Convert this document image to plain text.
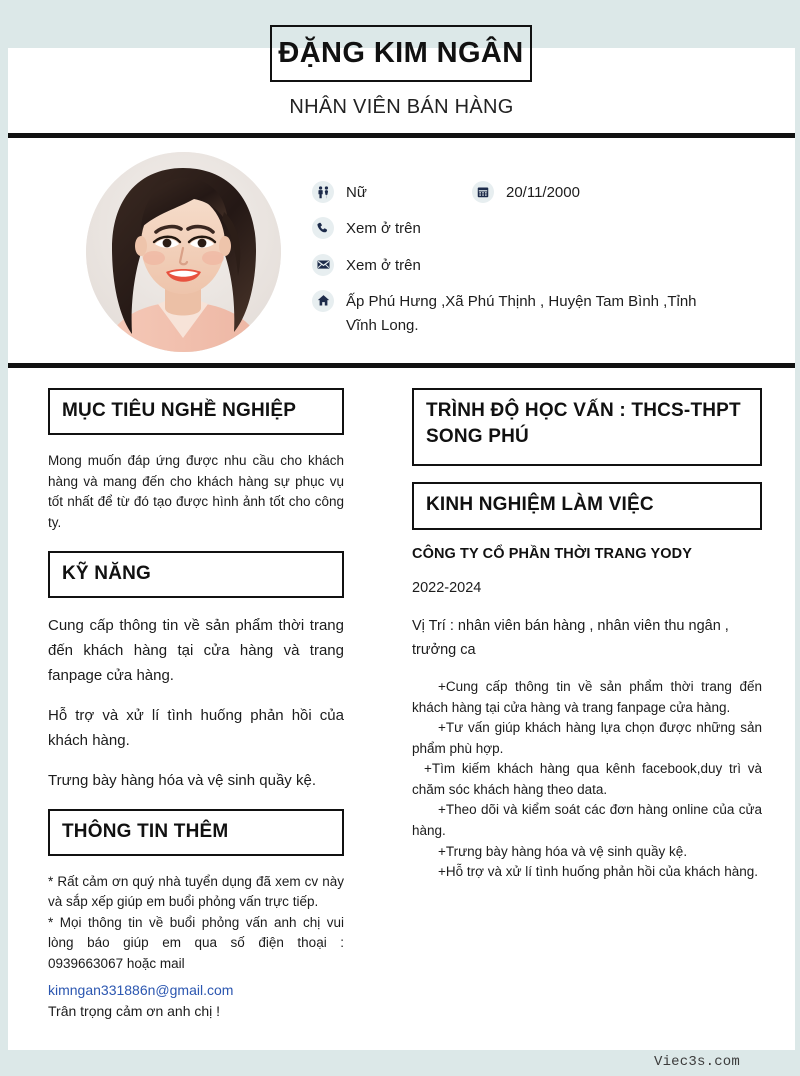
ĐẶNG KIM NGÂN
NHÂN VIÊN BÁN HÀNG
Nữ	20/11/2000
Xem ở trên
Xem ở trên
Ấp Phú Hưng ,Xã Phú Thịnh , Huyện Tam Bình ,Tỉnh Vĩnh Long.
MỤC TIÊU NGHỀ NGHIỆP
Mong muốn đáp ứng được nhu cầu cho khách hàng và mang đến cho khách hàng sự phục vụ tốt nhất để từ đó tạo được hình ảnh tốt cho công ty.
KỸ NĂNG
Cung cấp thông tin về sản phẩm thời trang đến khách hàng tại cửa hàng và trang fanpage cửa hàng.
Hỗ trợ và xử lí tình huống phản hồi của khách hàng.
Trưng bày hàng hóa và vệ sinh quầy kệ.
THÔNG TIN THÊM
* Rất cảm ơn quý nhà tuyển dụng đã xem cv này và sắp xếp giúp em buổi phỏng vấn trực tiếp.
* Mọi thông tin về buổi phỏng vấn anh chị vui lòng báo giúp em qua số điện thoại : 0939663067 hoặc mail
kimngan331886n@gmail.com
Trân trọng cảm ơn anh chị !
TRÌNH ĐỘ HỌC VẤN : THCS-THPT SONG PHÚ
KINH NGHIỆM LÀM VIỆC
CÔNG TY CỔ PHẦN THỜI TRANG YODY
2022-2024
Vị Trí : nhân viên bán hàng , nhân viên thu ngân , trưởng ca
+Cung cấp thông tin về sản phẩm thời trang đến khách hàng tại cửa hàng và trang fanpage cửa hàng.
+Tư vấn giúp khách hàng lựa chọn được những sản phẩm phù hợp.
+Tìm kiếm khách hàng qua kênh facebook,duy trì và chăm sóc khách hàng theo data.
+Theo dõi và kiểm soát các đơn hàng online của cửa hàng.
+Trưng bày hàng hóa và vệ sinh quầy kệ.
+Hỗ trợ và xử lí tình huống phản hồi của khách hàng.
Viec3s.com
